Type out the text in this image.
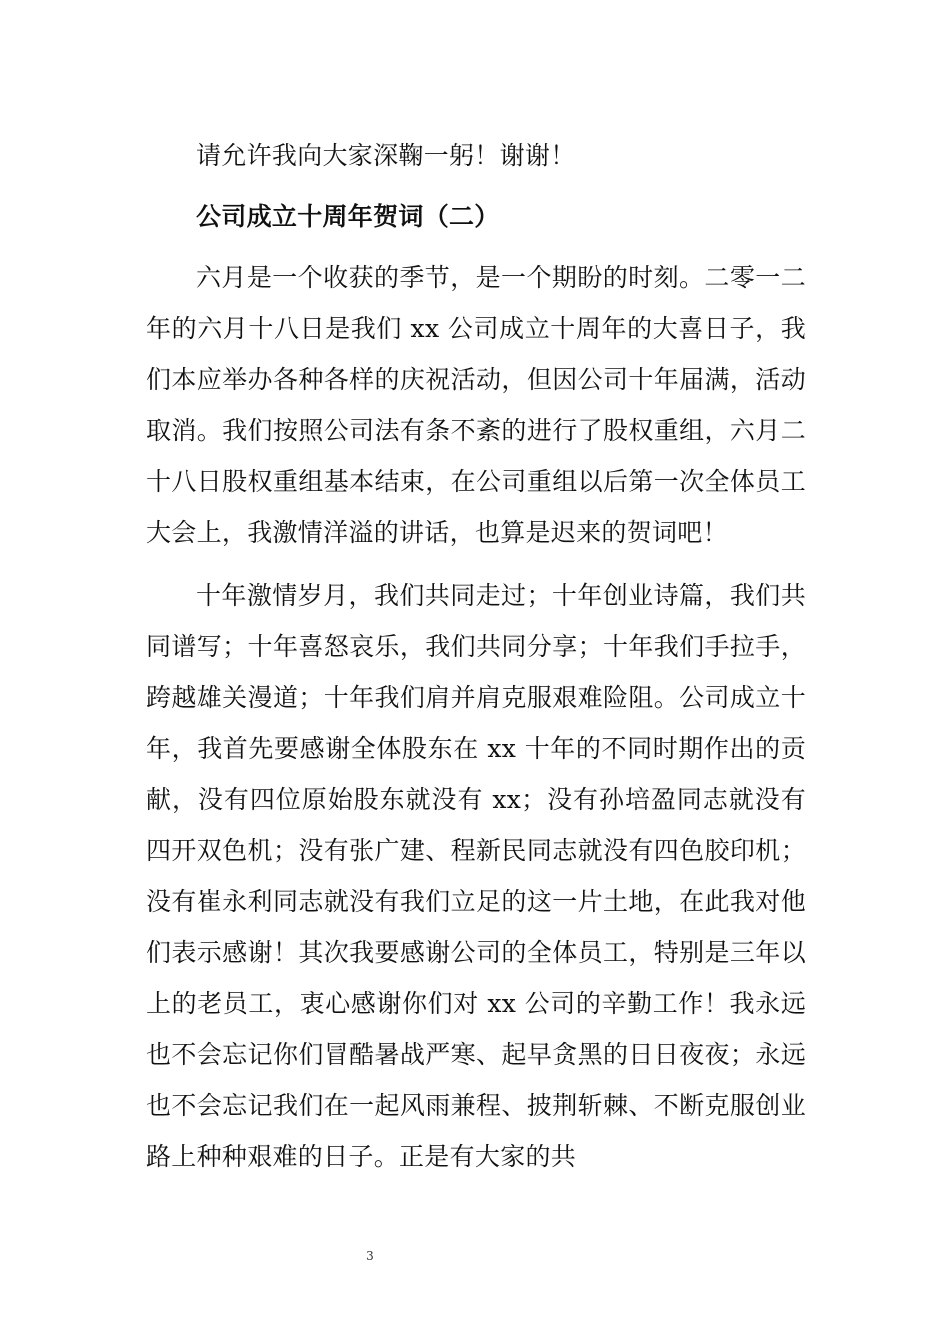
请允许我向大家深鞠一躬！谢谢！

公司成立十周年贺词（二）

六月是一个收获的季节，是一个期盼的时刻。二零一二年的六月十八日是我们 xx 公司成立十周年的大喜日子，我们本应举办各种各样的庆祝活动，但因公司十年届满，活动取消。我们按照公司法有条不紊的进行了股权重组，六月二十八日股权重组基本结束，在公司重组以后第一次全体员工大会上，我激情洋溢的讲话，也算是迟来的贺词吧！

十年激情岁月，我们共同走过；十年创业诗篇，我们共同谱写；十年喜怒哀乐，我们共同分享；十年我们手拉手，跨越雄关漫道；十年我们肩并肩克服艰难险阻。公司成立十年，我首先要感谢全体股东在 xx 十年的不同时期作出的贡献，没有四位原始股东就没有 xx；没有孙培盈同志就没有四开双色机；没有张广建、程新民同志就没有四色胶印机；没有崔永利同志就没有我们立足的这一片土地，在此我对他们表示感谢！其次我要感谢公司的全体员工，特别是三年以上的老员工，衷心感谢你们对 xx 公司的辛勤工作！我永远也不会忘记你们冒酷暑战严寒、起早贪黑的日日夜夜；永远也不会忘记我们在一起风雨兼程、披荆斩棘、不断克服创业路上种种艰难的日子。正是有大家的共

3
